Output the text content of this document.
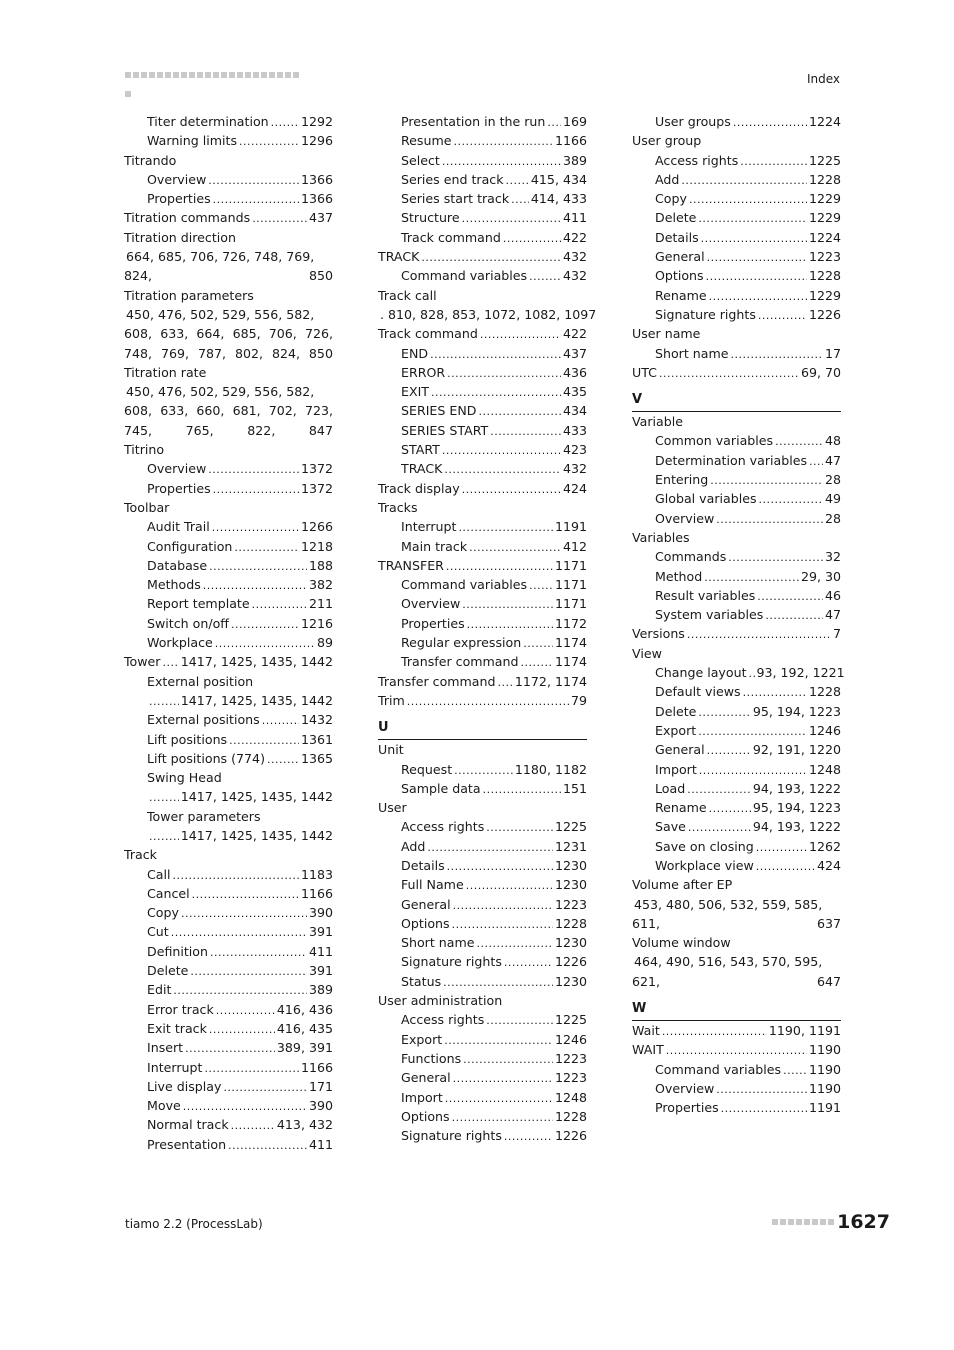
Index
Titer determination .....	1292
Warning limits .....	1296
Titrando
Overview .....	1366
Properties .....	1366
Titration commands .....	437
Titration direction
664, 685, 706, 726, 748, 769,
824,	850
Titration parameters
450, 476, 502, 529, 556, 582,
608, 633, 664, 685, 706, 726,
748, 769, 787, 802, 824, 850
Titration rate
450, 476, 502, 529, 556, 582,
608, 633, 660, 681, 702, 723,
745,	765,	822,	847
Titrino
Overview .....	1372
Properties .....	1372
Toolbar
Audit Trail .....	1266
Configuration .....	1218
Database .....	188
Methods .....	382
Report template .....	211
Switch on/off .....	1216
Workplace .....	89
Tower ..... 1417, 1425, 1435, 1442
External position
.....
1417, 1425, 1435, 1442
External positions .....	1432
Lift positions .....	1361
Lift positions (774) .....	1365
Swing Head
.....
1417, 1425, 1435, 1442
Tower parameters
.....
1417, 1425, 1435, 1442
Track
Call .....	1183
Cancel .....	1166
Copy .....	390
Cut .....	391
Definition .....	411
Delete .....	391
Edit .....	389
Error track .....	416, 436
Exit track .....	416, 435
Insert .....	389, 391
Interrupt .....	1166
Live display .....	171
Move .....	390
Normal track .....	413, 432
Presentation .....	411
Presentation in the run ..... 169
Resume .....	1166
Select .....	389
Series end track ..... 415, 434
Series start track ..... 414, 433
Structure .....	411
Track command .....	422
TRACK .....	432
Command variables .....	432
Track call
. 810, 828, 853, 1072, 1082, 1097
Track command .....	422
END .....	437
ERROR .....	436
EXIT .....	435
SERIES END .....	434
SERIES START .....	433
START .....	423
TRACK .....	432
Track display .....	424
Tracks
Interrupt .....	1191
Main track .....	412
TRANSFER .....	1171
Command variables ..... 1171
Overview .....	1171
Properties .....	1172
Regular expression .....	1174
Transfer command .....	1174
Transfer command ..... 1172, 1174
Trim .....	79
U
Unit
Request .....	1180, 1182
Sample data .....	151
User
Access rights .....	1225
Add .....	1231
Details .....	1230
Full Name .....	1230
General .....	1223
Options .....	1228
Short name .....	1230
Signature rights .....	1226
Status .....	1230
User administration
Access rights .....	1225
Export .....	1246
Functions .....	1223
General .....	1223
Import .....	1248
Options .....	1228
Signature rights .....	1226
User groups .....	1224
User group
Access rights .....	1225
Add .....	1228
Copy .....	1229
Delete .....	1229
Details .....	1224
General .....	1223
Options .....	1228
Rename .....	1229
Signature rights .....	1226
User name
Short name .....	17
UTC .....	69, 70
V
Variable
Common variables .....	48
Determination variables ..... 47
Entering .....	28
Global variables .....	49
Overview .....	28
Variables
Commands .....	32
Method .....	29, 30
Result variables .....	46
System variables .....	47
Versions .....	7
View
Change layout ..... 93, 192, 1221
Default views .....	1228
Delete .....	95, 194, 1223
Export .....	1246
General .....	92, 191, 1220
Import .....	1248
Load .....	94, 193, 1222
Rename .....	95, 194, 1223
Save .....	94, 193, 1222
Save on closing .....	1262
Workplace view .....	424
Volume after EP
453, 480, 506, 532, 559, 585,
611,	637
Volume window
464, 490, 516, 543, 570, 595,
621,	647
W
Wait .....	1190, 1191
WAIT .....	1190
Command variables ..... 1190
Overview .....	1190
Properties .....	1191
tiamo 2.2 (ProcessLab)	1627
